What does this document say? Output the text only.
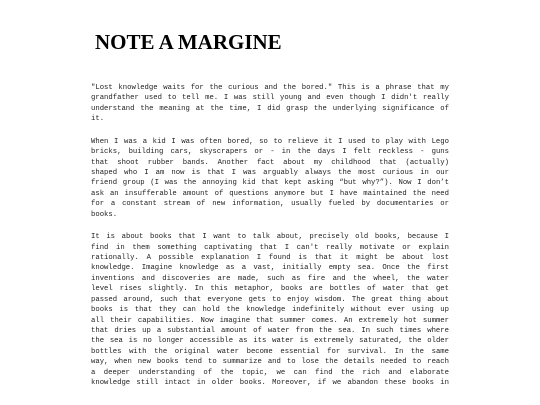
NOTE A MARGINE
"Lost knowledge waits for the curious and the bored." This is a phrase that my
grandfather used to tell me. I was still young and even though I didn't really
understand the meaning at the time, I did grasp the underlying significance of
it.
When I was a kid I was often bored, so to relieve it I used to play with Lego
bricks, building cars, skyscrapers or - in the days I felt reckless - guns
that shoot rubber bands. Another fact about my childhood that (actually)
shaped who I am now is that I was arguably always the most curious in our
friend group (I was the annoying kid that kept asking “but why?”). Now I don’t
ask an insufferable amount of questions anymore but I have maintained the need
for a constant stream of new information, usually fueled by documentaries or
books.
It is about books that I want to talk about, precisely old books, because I
find in them something captivating that I can't really motivate or explain
rationally. A possible explanation I found is that it might be about lost
knowledge. Imagine knowledge as a vast, initially empty sea. Once the first
inventions and discoveries are made, such as fire and the wheel, the water
level rises slightly. In this metaphor, books are bottles of water that get
passed around, such that everyone gets to enjoy wisdom. The great thing about
books is that they can hold the knowledge indefinitely without ever using up
all their capabilities. Now imagine that summer comes. An extremely hot summer
that dries up a substantial amount of water from the sea. In such times where
the sea is no longer accessible as its water is extremely saturated, the older
bottles with the original water become essential for survival. In the same
way, when new books tend to summarize and to lose the details needed to reach
a deeper understanding of the topic, we can find the rich and elaborate
knowledge still intact in older books. Moreover, if we abandon these books in
